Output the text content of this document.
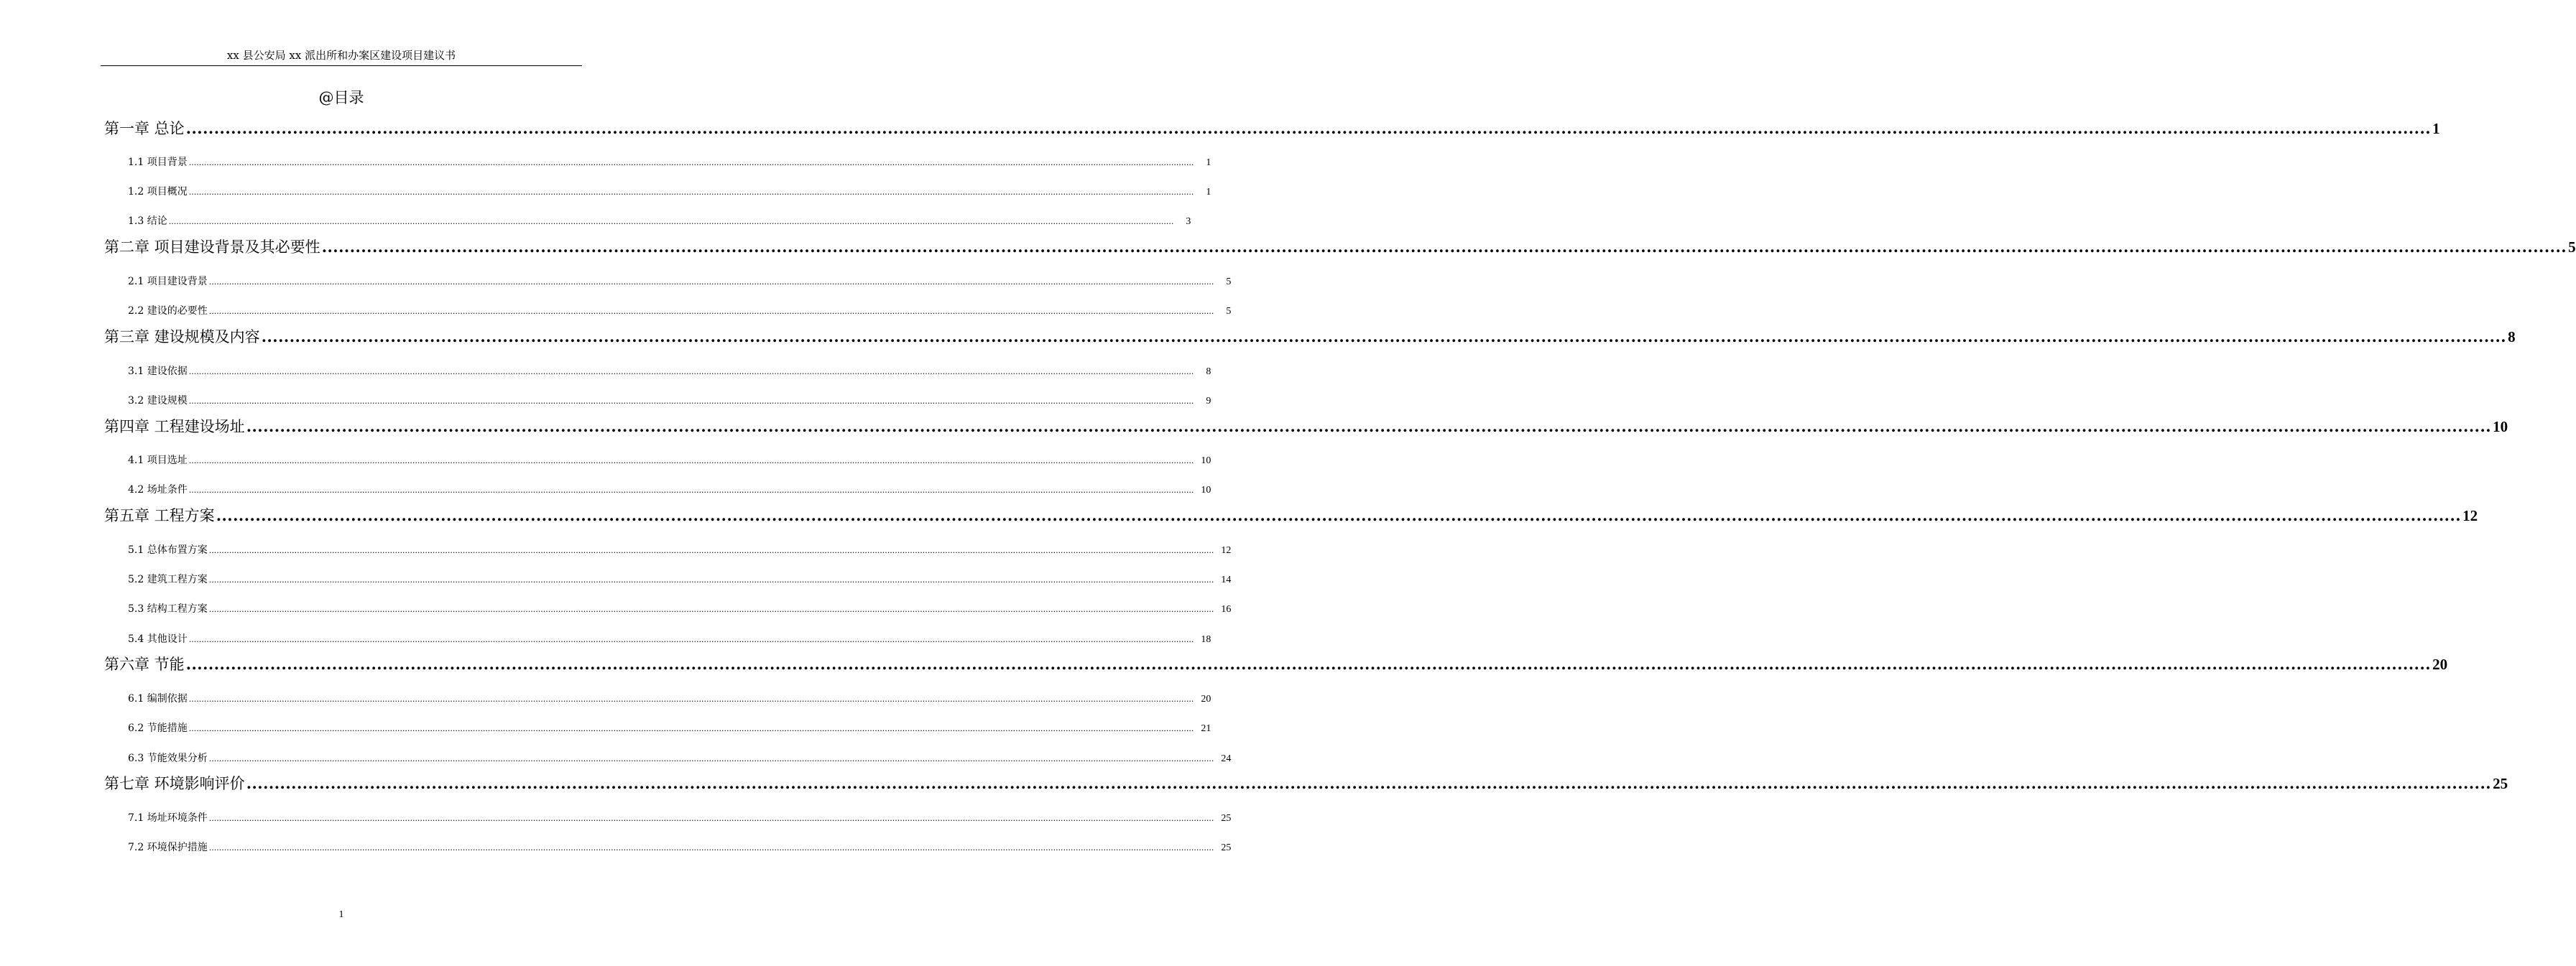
xx 县公安局 xx 派出所和办案区建设项目建议书
@目录
第一章 总论 ................................................................................................................................................................................................................................................................................................................................................................................................................ 1
1.1 项目背景 ................................................................................................................................................................................................................................................................................................................................................................................................................	1
1.2 项目概况 ................................................................................................................................................................................................................................................................................................................................................................................................................	1
1.3 结论 ................................................................................................................................................................................................................................................................................................................................................................................................................	3
第二章 项目建设背景及其必要性 ................................................................................................................................................................................................................................................................................................................................................................................................................ 5
2.1 项目建设背景 ................................................................................................................................................................................................................................................................................................................................................................................................................	5
2.2 建设的必要性 ................................................................................................................................................................................................................................................................................................................................................................................................................	5
第三章 建设规模及内容 ................................................................................................................................................................................................................................................................................................................................................................................................................ 8
3.1 建设依据 ................................................................................................................................................................................................................................................................................................................................................................................................................	8
3.2 建设规模 ................................................................................................................................................................................................................................................................................................................................................................................................................	9
第四章 工程建设场址 ................................................................................................................................................................................................................................................................................................................................................................................................................ 10
4.1 项目选址 ................................................................................................................................................................................................................................................................................................................................................................................................................ 10
4.2 场址条件 ................................................................................................................................................................................................................................................................................................................................................................................................................ 10
第五章 工程方案 ................................................................................................................................................................................................................................................................................................................................................................................................................ 12
5.1 总体布置方案 ................................................................................................................................................................................................................................................................................................................................................................................................................ 12
5.2 建筑工程方案 ................................................................................................................................................................................................................................................................................................................................................................................................................ 14
5.3 结构工程方案 ................................................................................................................................................................................................................................................................................................................................................................................................................ 16
5.4 其他设计 ................................................................................................................................................................................................................................................................................................................................................................................................................ 18
第六章 节能 ................................................................................................................................................................................................................................................................................................................................................................................................................ 20
6.1 编制依据 ................................................................................................................................................................................................................................................................................................................................................................................................................ 20
6.2 节能措施 ................................................................................................................................................................................................................................................................................................................................................................................................................ 21
6.3 节能效果分析 ................................................................................................................................................................................................................................................................................................................................................................................................................ 24
第七章 环境影响评价 ................................................................................................................................................................................................................................................................................................................................................................................................................ 25
7.1 场址环境条件 ................................................................................................................................................................................................................................................................................................................................................................................................................ 25
7.2 环境保护措施 ................................................................................................................................................................................................................................................................................................................................................................................................................ 25
1
